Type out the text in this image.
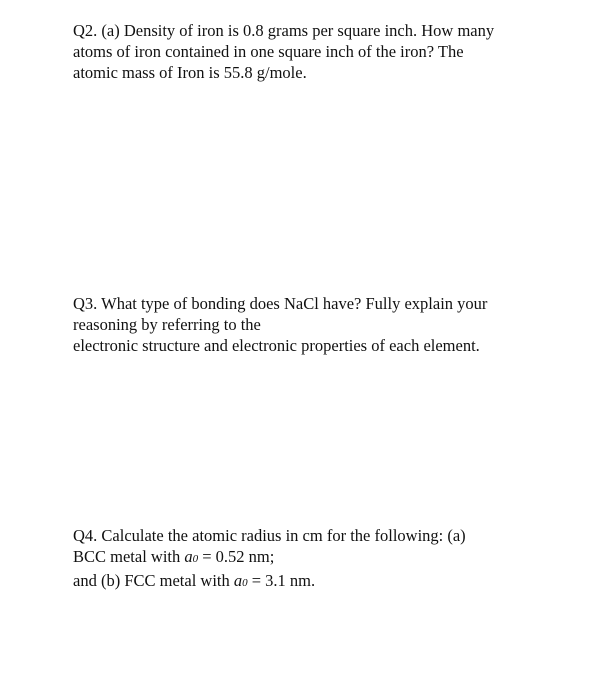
Q2. (a) Density of iron is 0.8 grams per square inch. How many
atoms of iron contained in one square inch of the iron? The
atomic mass of Iron is 55.8 g/mole.
Q3. What type of bonding does NaCl have? Fully explain your
reasoning by referring to the
electronic structure and electronic properties of each element.
Q4. Calculate the atomic radius in cm for the following: (a)
BCC metal with a0 = 0.52 nm;
and (b) FCC metal with a0 = 3.1 nm.
